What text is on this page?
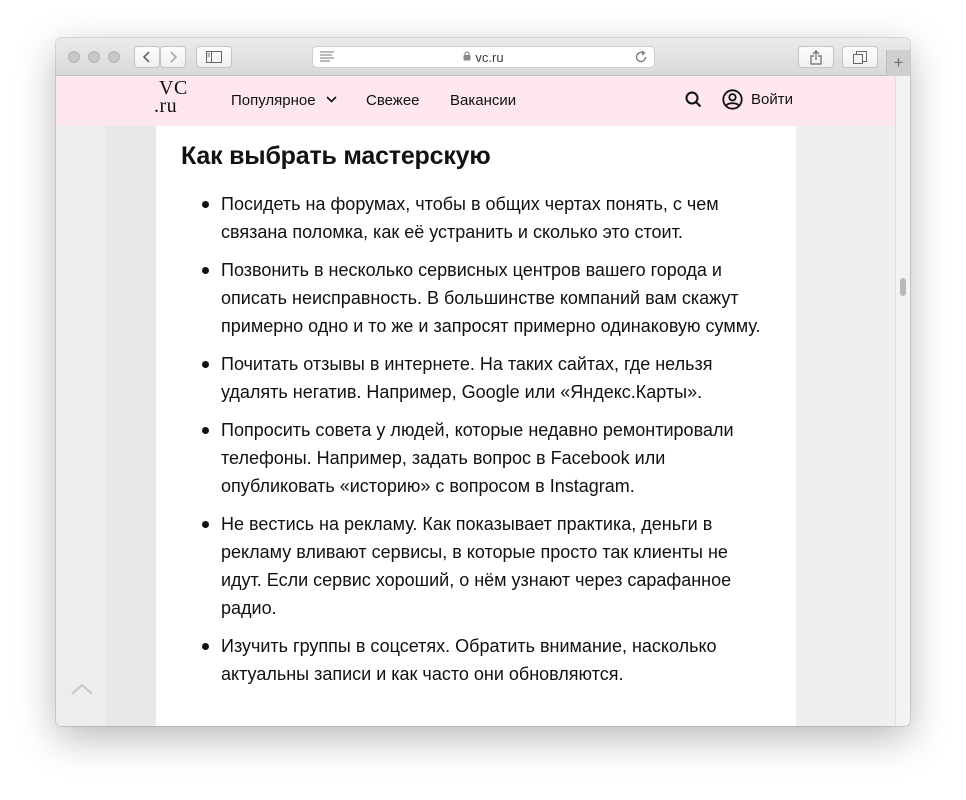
vc.ru	+
VC
.ru	Популярное	Свежее Вакансии	Войти
Как выбрать мастерскую
Посидеть на форумах, чтобы в общих чертах понять, с чем связана поломка, как её устранить и сколько это стоит.
Позвонить в несколько сервисных центров вашего города и описать неисправность. В большинстве компаний вам скажут примерно одно и то же и запросят примерно одинаковую сумму.
Почитать отзывы в интернете. На таких сайтах, где нельзя удалять негатив. Например, Google или «Яндекс.Карты».
Попросить совета у людей, которые недавно ремонтировали телефоны. Например, задать вопрос в Facebook или опубликовать «историю» с вопросом в Instagram.
Не вестись на рекламу. Как показывает практика, деньги в рекламу вливают сервисы, в которые просто так клиенты не идут. Если сервис хороший, о нём узнают через сарафанное радио.
Изучить группы в соцсетях. Обратить внимание, насколько актуальны записи и как часто они обновляются.
